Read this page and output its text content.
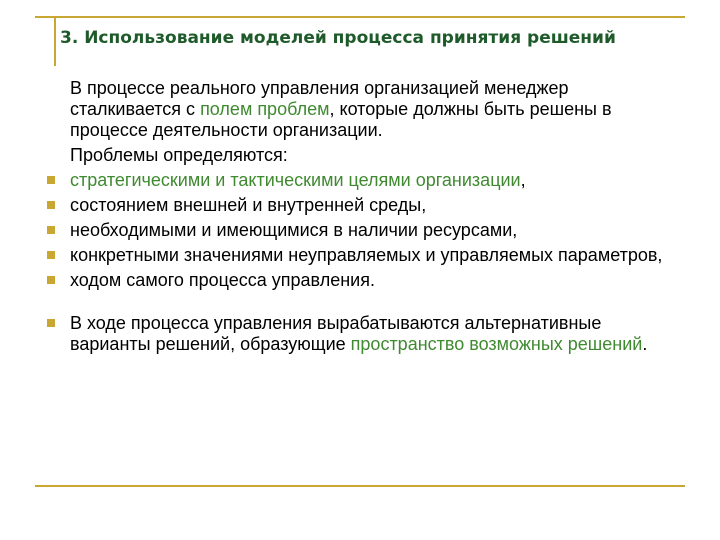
3. Использование моделей процесса принятия решений

В процессе реального управления организацией менеджер сталкивается с полем проблем, которые должны быть решены в процессе деятельности организации.

Проблемы определяются:

стратегическими и тактическими целями организации,
состоянием внешней и внутренней среды,
необходимыми и имеющимися в наличии ресурсами,
конкретными значениями неуправляемых и управляемых параметров,
ходом самого процесса управления.
В ходе процесса управления вырабатываются альтернативные варианты решений, образующие пространство возможных решений.
